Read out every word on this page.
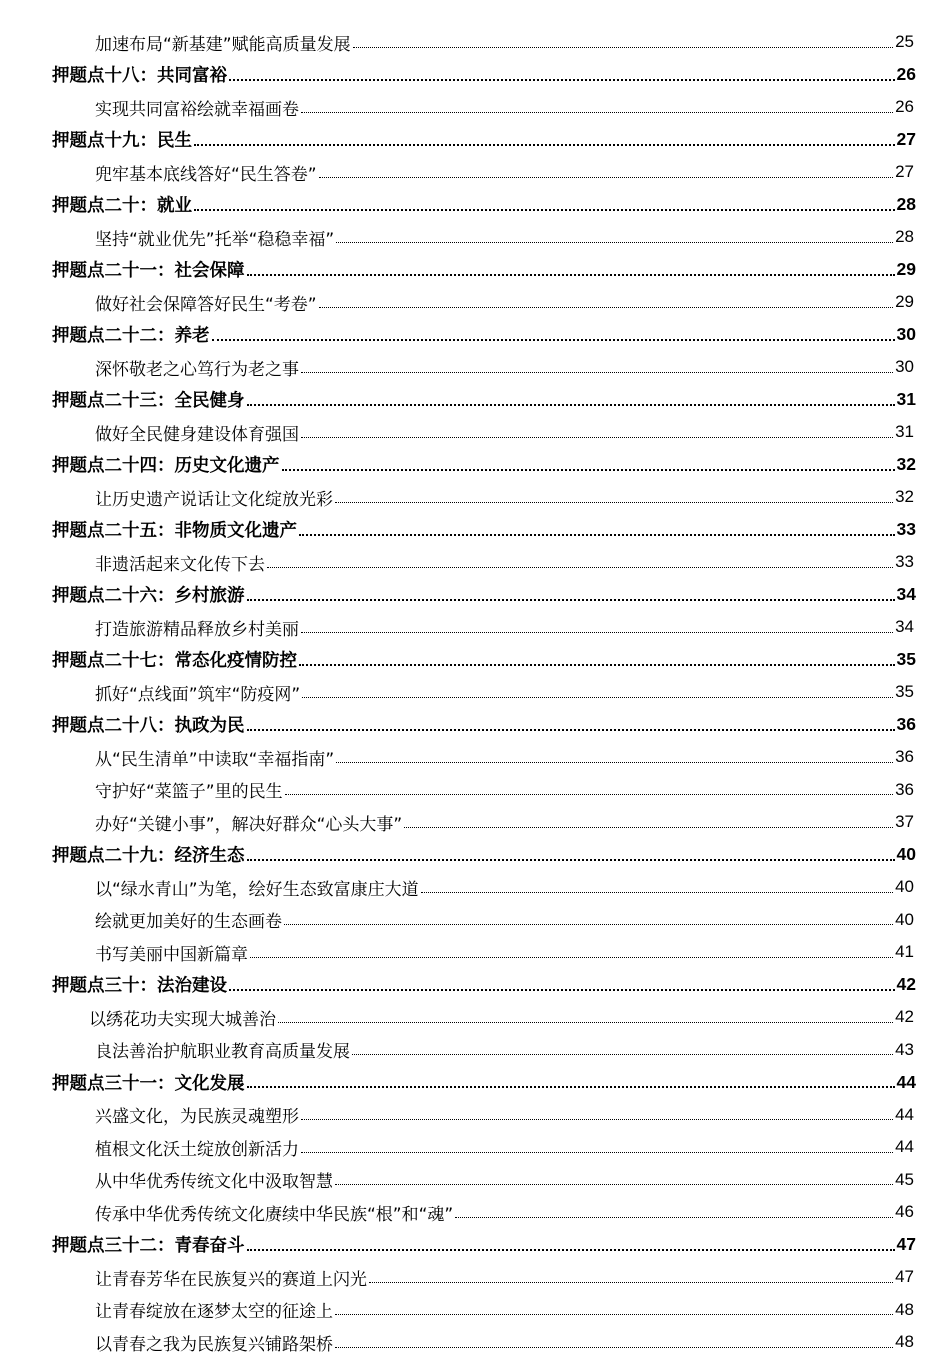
加速布局“新基建”赋能高质量发展	25
押题点十八：共同富裕	26
实现共同富裕绘就幸福画卷	26
押题点十九：民生	27
兜牢基本底线答好“民生答卷”	27
押题点二十：就业	28
坚持“就业优先”托举“稳稳幸福”	28
押题点二十一：社会保障	29
做好社会保障答好民生“考卷”	29
押题点二十二：养老	30
深怀敬老之心笃行为老之事	30
押题点二十三：全民健身	31
做好全民健身建设体育强国	31
押题点二十四：历史文化遗产	32
让历史遗产说话让文化绽放光彩	32
押题点二十五：非物质文化遗产	33
非遗活起来文化传下去	33
押题点二十六：乡村旅游	34
打造旅游精品释放乡村美丽	34
押题点二十七：常态化疫情防控	35
抓好“点线面”筑牢“防疫网”	35
押题点二十八：执政为民	36
从“民生清单”中读取“幸福指南”	36
守护好“菜篮子”里的民生	36
办好“关键小事”，解决好群众“心头大事”	37
押题点二十九：经济生态	40
以“绿水青山”为笔，绘好生态致富康庄大道	40
绘就更加美好的生态画卷	40
书写美丽中国新篇章	41
押题点三十：法治建设	42
以绣花功夫实现大城善治	42
良法善治护航职业教育高质量发展	43
押题点三十一：文化发展	44
兴盛文化，为民族灵魂塑形	44
植根文化沃土绽放创新活力	44
从中华优秀传统文化中汲取智慧	45
传承中华优秀传统文化赓续中华民族“根”和“魂”	46
押题点三十二：青春奋斗	47
让青春芳华在民族复兴的赛道上闪光	47
让青春绽放在逐梦太空的征途上	48
以青春之我为民族复兴铺路架桥	48
